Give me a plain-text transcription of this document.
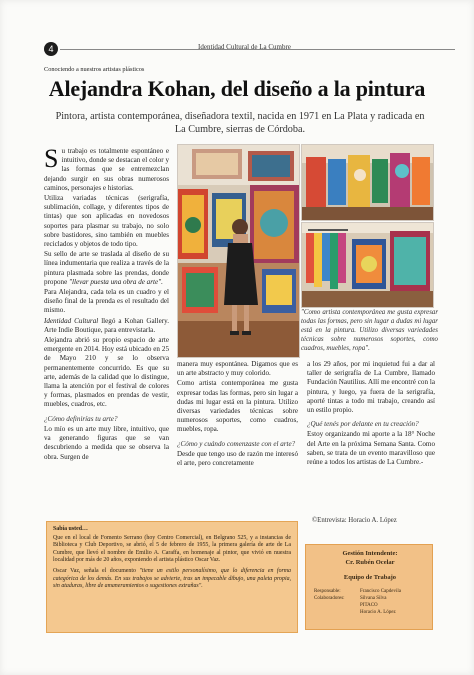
4	Identidad Cultural de La Cumbre
Conociendo a nuestros artistas plásticos
Alejandra Kohan, del diseño a la pintura
Pintora, artista contemporánea, diseñadora textil, nacida en 1971 en La Plata y radicada en La Cumbre, sierras de Córdoba.

Su trabajo es totalmente espontáneo e intuitivo, donde se destacan el color y las formas que se entremezclan dejando surgir en sus obras numerosos caminos, personajes e historias.

Utiliza variadas técnicas (serigrafía, sublimación, collage, y diferentes tipos de tintas) que son aplicadas en novedosos soportes para plasmar su trabajo, no solo sobre bastidores, sino también en muebles reciclados y objetos de todo tipo.

Su sello de arte se traslada al diseño de su línea indumentaria que realiza a través de la pintura plasmada sobre las prendas, donde propone "llevar puesta una obra de arte".

Para Alejandra, cada tela es un cuadro y el diseño final de la prenda es el resultado del mismo.

Identidad Cultural llegó a Kohan Gallery. Arte Indie Boutique, para entrevistarla.

Alejandra abrió su propio espacio de arte emergente en 2014. Hoy está ubicado en 25 de Mayo 210 y se lo observa permanentemente concurrido. Es que su arte, además de la calidad que lo distingue, llama la atención por el festival de colores y formas, plasmados en prendas de vestir, muebles, cuadros, etc.

¿Cómo definirías tu arte?

Lo mío es un arte muy libre, intuitivo, que va generando figuras que se van descubriendo a medida que se observa la obra. Surgen de

"Como artista contemporánea me gusta expresar todas las formas, pero sin lugar a dudas mi lugar está en la pintura. Utilizo diversas variedades técnicas sobre numerosos soportes, como cuadros, muebles, ropa".

manera muy espontánea. Digamos que es un arte abstracto y muy colorido.

Como artista contemporánea me gusta expresar todas las formas, pero sin lugar a dudas mi lugar está en la pintura. Utilizo diversas variedades técnicas sobre numerosos soportes, como cuadros, muebles, ropa.

¿Cómo y cuándo comenzaste con el arte?

Desde que tengo uso de razón me interesó el arte, pero concretamente

a los 29 años, por mi inquietud fui a dar al taller de serigrafía de La Cumbre, llamado Fundación Nautilius. Allí me encontré con la pintura, y luego, ya fuera de la serigrafía, aporté tintas a todo mi trabajo, creando así un estilo propio.

¿Qué tenés por delante en tu creación?

Estoy organizando mi aporte a la 18° Noche del Arte en la próxima Semana Santa. Como saben, se trata de un evento maravilloso que reúne a todos los artistas de La Cumbre.-

©Entrevista: Horacio A. López
Sabía usted…

Que en el local de Fomento Serrano (hoy Centro Comercial), en Belgrano 525, y a instancias de Biblioteca y Club Deportivo, se abrió, el 5 de febrero de 1955, la primera galería de arte de La Cumbre, que llevó el nombre de Emilio A. Caraffa, en homenaje al pintor, que vivió en nuestra localidad por más de 20 años, exponiendo el artista plástico Oscar Vaz.

Oscar Vaz, señala el documento "tiene un estilo personalísimo, que lo diferencia en forma categórica de los demás. En sus trabajos se advierte, tras un impecable dibujo, una paleta propia, sin ataduras, libre de amaneramientos o sugestiones extrañas".

Gestión Intendente:
Cr. Rubén Ocelar
Equipo de Trabajo
Responsable:	Francisco Capdevila
Colaboradores:	Silvana Silva
PITACO
Horacio A. López
